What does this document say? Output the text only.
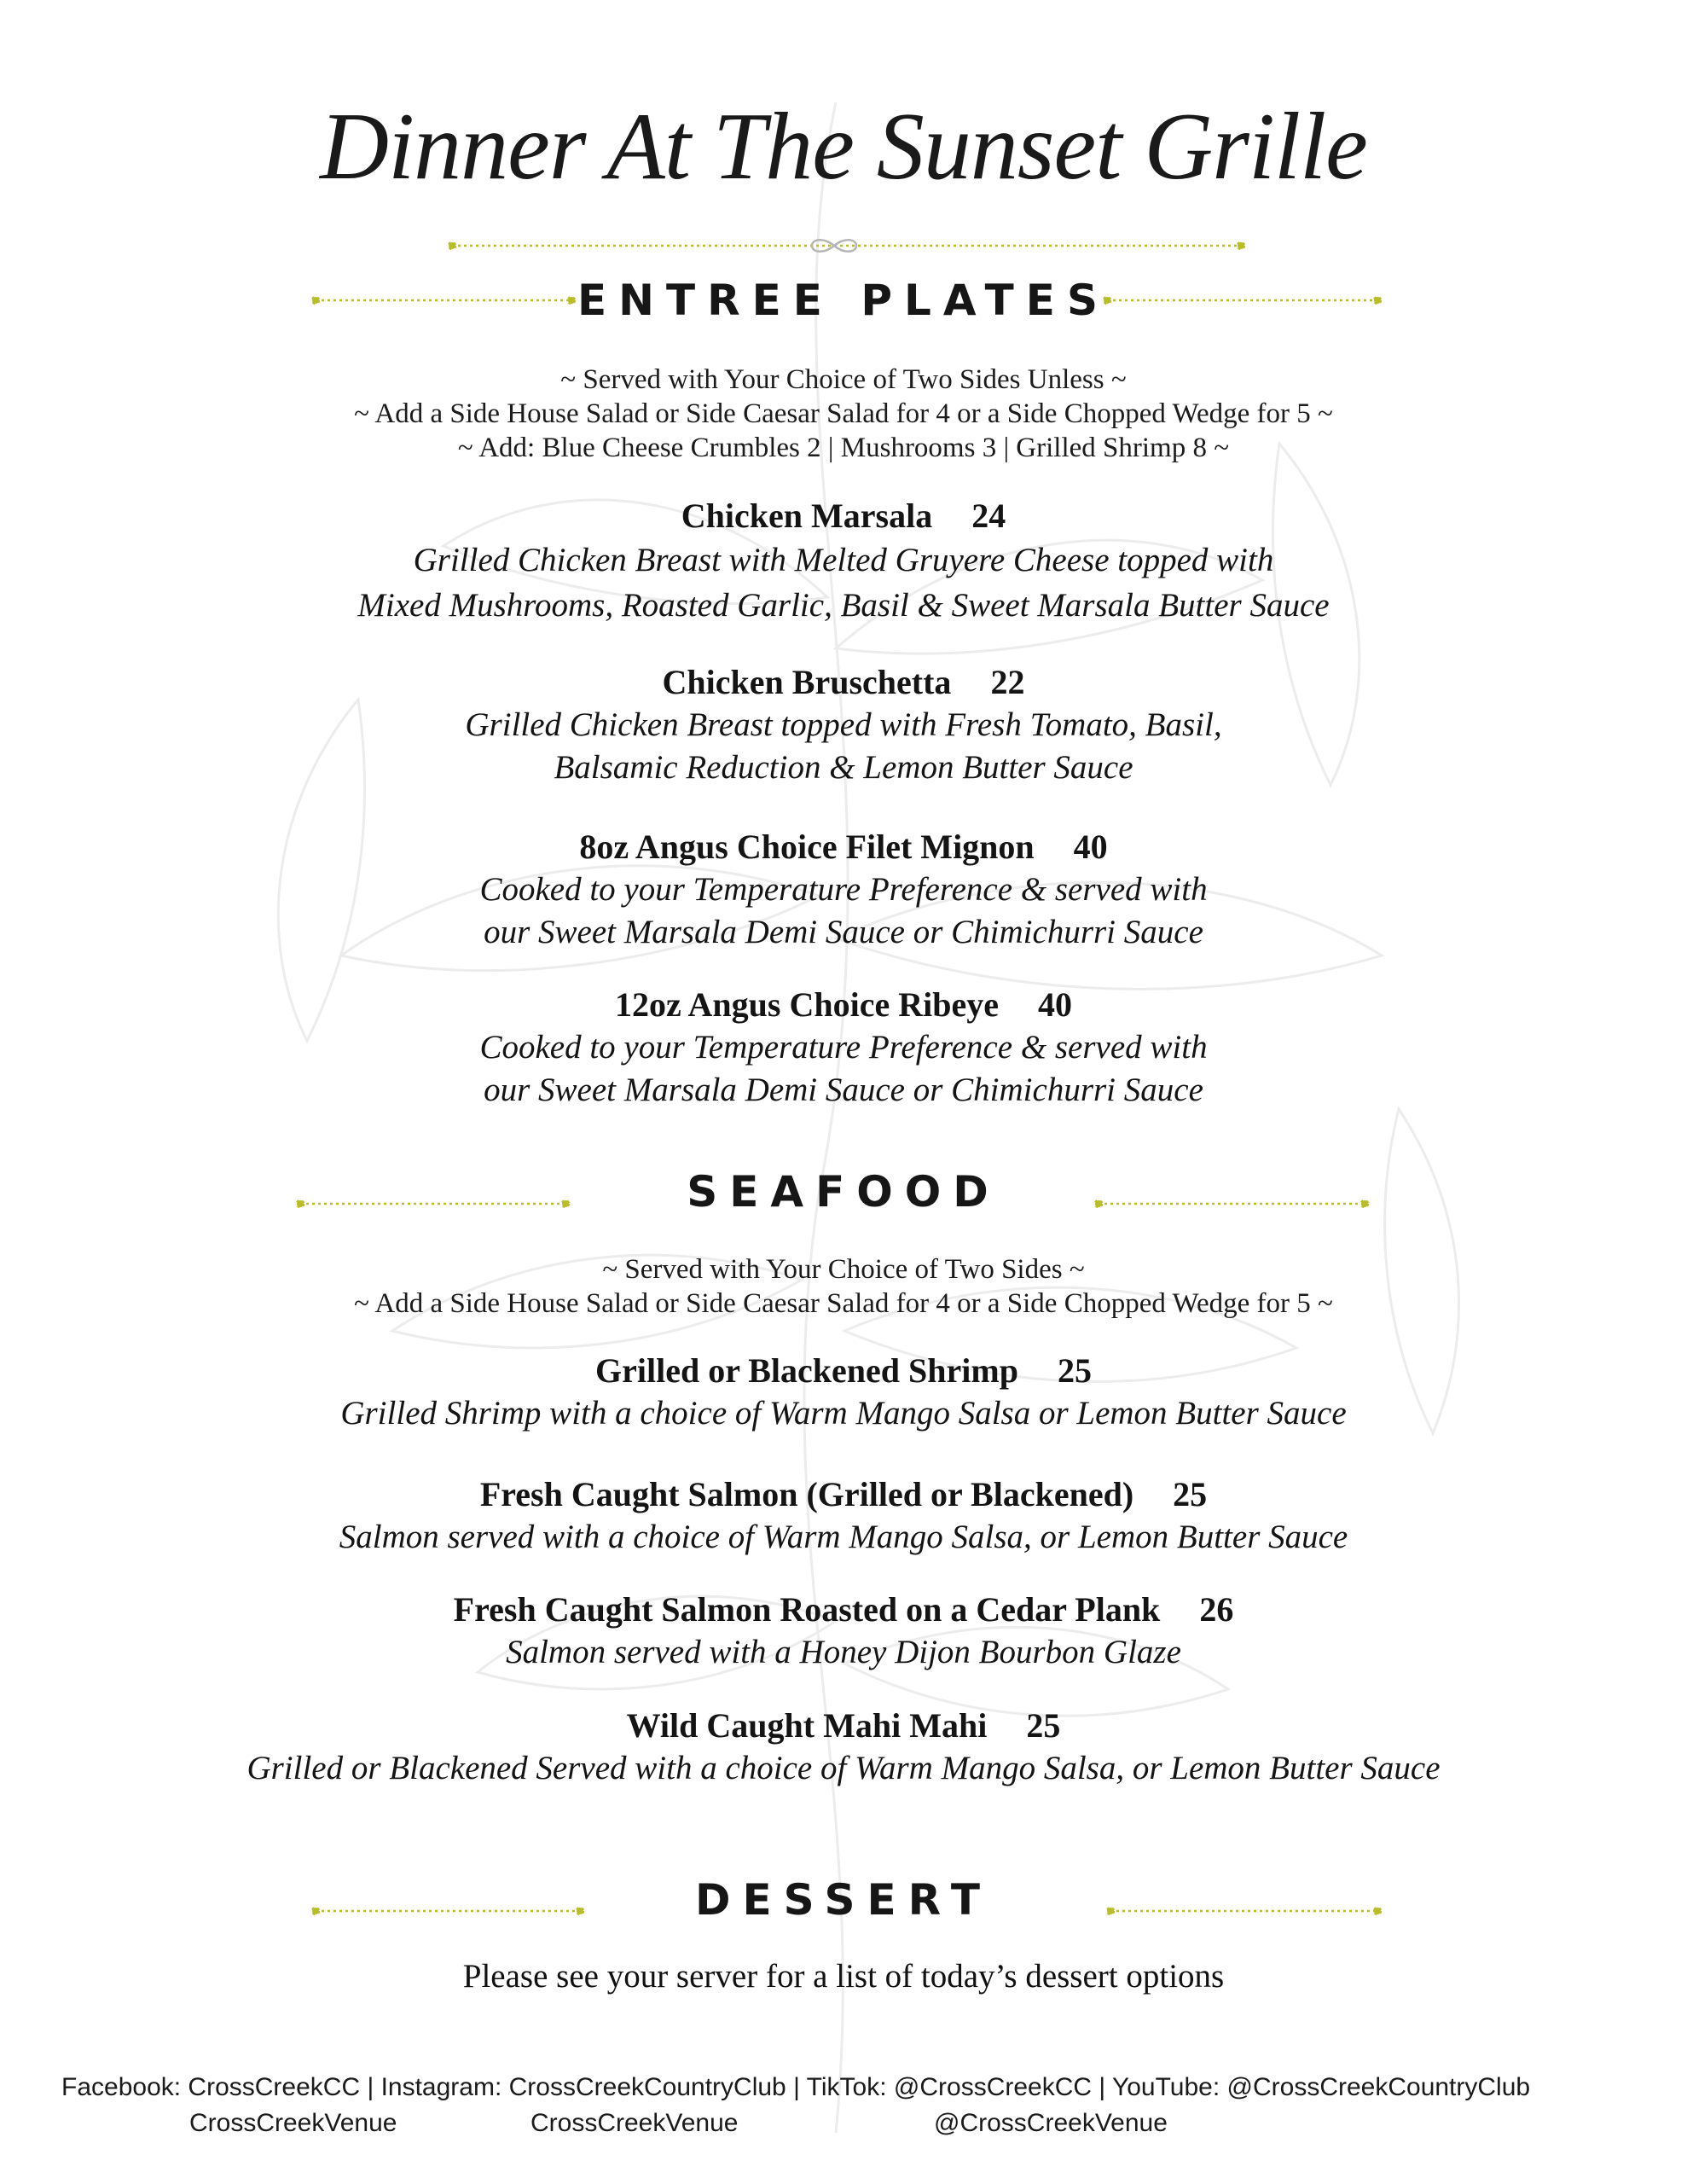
Dinner At The Sunset Grille
ENTREE PLATES
~ Served with Your Choice of Two Sides Unless ~
~ Add a Side House Salad or Side Caesar Salad for 4 or a Side Chopped Wedge for 5 ~
~ Add: Blue Cheese Crumbles 2 | Mushrooms 3 | Grilled Shrimp 8 ~
Chicken Marsala 24
Grilled Chicken Breast with Melted Gruyere Cheese topped with
Mixed Mushrooms, Roasted Garlic, Basil & Sweet Marsala Butter Sauce
Chicken Bruschetta 22
Grilled Chicken Breast topped with Fresh Tomato, Basil,
Balsamic Reduction & Lemon Butter Sauce
8oz Angus Choice Filet Mignon 40
Cooked to your Temperature Preference & served with
our Sweet Marsala Demi Sauce or Chimichurri Sauce
12oz Angus Choice Ribeye 40
Cooked to your Temperature Preference & served with
our Sweet Marsala Demi Sauce or Chimichurri Sauce
SEAFOOD
~ Served with Your Choice of Two Sides ~
~ Add a Side House Salad or Side Caesar Salad for 4 or a Side Chopped Wedge for 5 ~
Grilled or Blackened Shrimp 25
Grilled Shrimp with a choice of Warm Mango Salsa or Lemon Butter Sauce
Fresh Caught Salmon (Grilled or Blackened) 25
Salmon served with a choice of Warm Mango Salsa, or Lemon Butter Sauce
Fresh Caught Salmon Roasted on a Cedar Plank 26
Salmon served with a Honey Dijon Bourbon Glaze
Wild Caught Mahi Mahi 25
Grilled or Blackened Served with a choice of Warm Mango Salsa, or Lemon Butter Sauce
DESSERT
Please see your server for a list of today’s dessert options
Facebook: CrossCreekCC | Instagram: CrossCreekCountryClub | TikTok: @CrossCreekCC | YouTube: @CrossCreekCountryClub
CrossCreekVenue	CrossCreekVenue	@CrossCreekVenue
